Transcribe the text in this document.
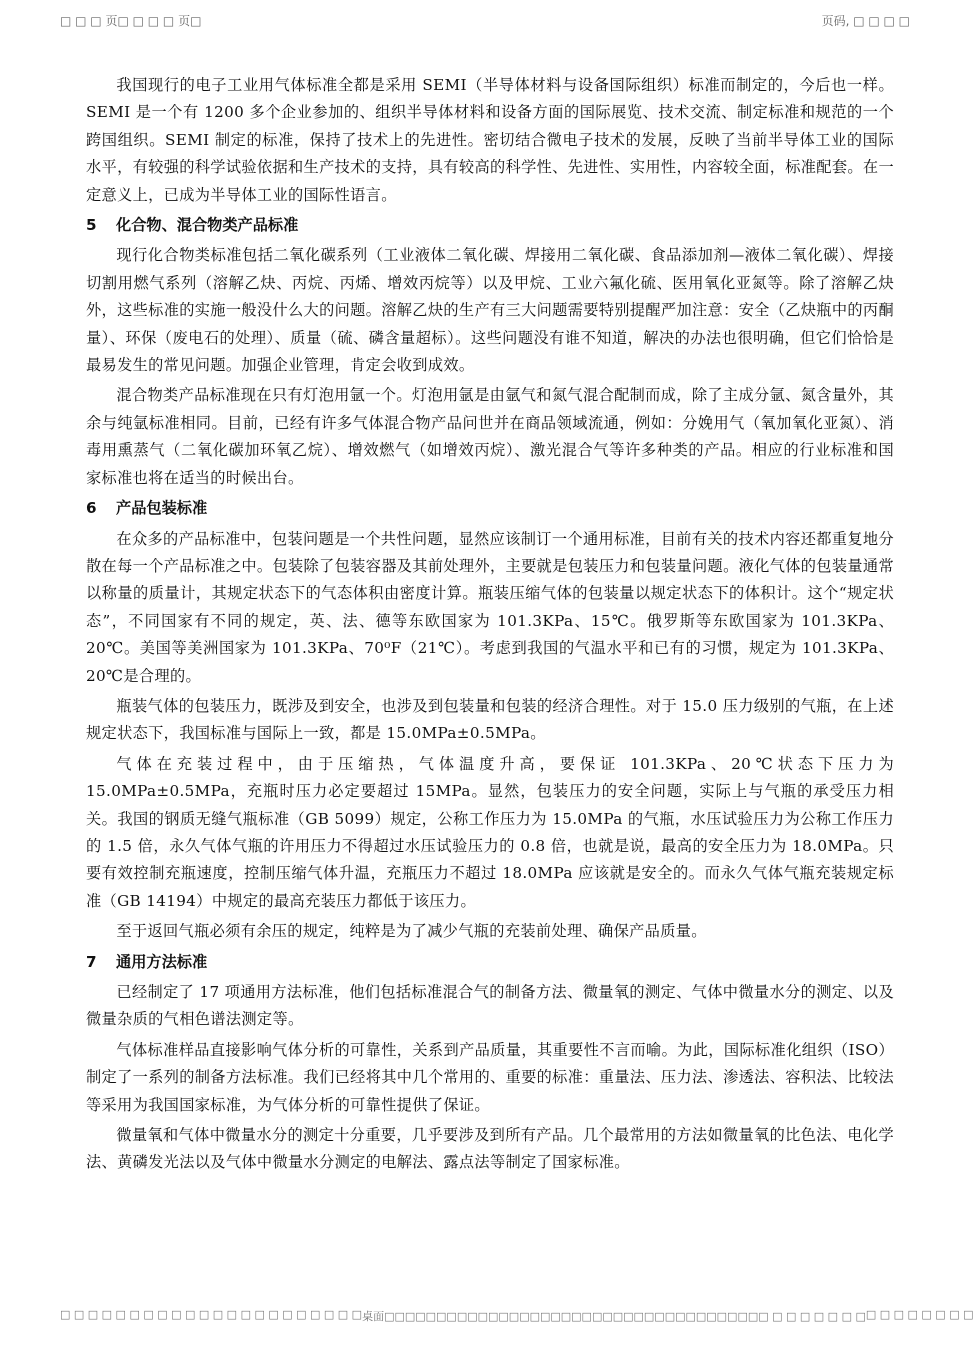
□ □ □ 页□ □ □ □ 页□	页码, □ □ □ □

我国现行的电子工业用气体标准全都是采用 SEMI（半导体材料与设备国际组织）标准而制定的，今后也一样。SEMI 是一个有 1200 多个企业参加的、组织半导体材料和设备方面的国际展览、技术交流、制定标准和规范的一个跨国组织。SEMI 制定的标准，保持了技术上的先进性。密切结合微电子技术的发展，反映了当前半导体工业的国际水平，有较强的科学试验依据和生产技术的支持，具有较高的科学性、先进性、实用性，内容较全面，标准配套。在一定意义上，已成为半导体工业的国际性语言。

5 化合物、混合物类产品标准

现行化合物类标准包括二氧化碳系列（工业液体二氧化碳、焊接用二氧化碳、食品添加剂—液体二氧化碳）、焊接切割用燃气系列（溶解乙炔、丙烷、丙烯、增效丙烷等）以及甲烷、工业六氟化硫、医用氧化亚氮等。除了溶解乙炔外，这些标准的实施一般没什么大的问题。溶解乙炔的生产有三大问题需要特别提醒严加注意：安全（乙炔瓶中的丙酮量）、环保（废电石的处理）、质量（硫、磷含量超标）。这些问题没有谁不知道，解决的办法也很明确，但它们恰恰是最易发生的常见问题。加强企业管理，肯定会收到成效。

混合物类产品标准现在只有灯泡用氩一个。灯泡用氩是由氩气和氮气混合配制而成，除了主成分氩、氮含量外，其余与纯氩标准相同。目前，已经有许多气体混合物产品问世并在商品领域流通，例如：分娩用气（氧加氧化亚氮）、消毒用熏蒸气（二氧化碳加环氧乙烷）、增效燃气（如增效丙烷）、激光混合气等许多种类的产品。相应的行业标准和国家标准也将在适当的时候出台。

6 产品包装标准

在众多的产品标准中，包装问题是一个共性问题，显然应该制订一个通用标准，目前有关的技术内容还都重复地分散在每一个产品标准之中。包装除了包装容器及其前处理外，主要就是包装压力和包装量问题。液化气体的包装量通常以称量的质量计，其规定状态下的气态体积由密度计算。瓶装压缩气体的包装量以规定状态下的体积计。这个“规定状态”，不同国家有不同的规定，英、法、德等东欧国家为 101.3KPa、15℃。俄罗斯等东欧国家为 101.3KPa、20℃。美国等美洲国家为 101.3KPa、70⁰F（21℃）。考虑到我国的气温水平和已有的习惯，规定为 101.3KPa、20℃是合理的。

瓶装气体的包装压力，既涉及到安全，也涉及到包装量和包装的经济合理性。对于 15.0 压力级别的气瓶，在上述规定状态下，我国标准与国际上一致，都是 15.0MPa±0.5MPa。

气体在充装过程中，由于压缩热，气体温度升高，要保证 101.3KPa、20℃状态下压力为 15.0MPa±0.5MPa，充瓶时压力必定要超过 15MPa。显然，包装压力的安全问题，实际上与气瓶的承受压力相关。我国的钢质无缝气瓶标准（GB 5099）规定，公称工作压力为 15.0MPa 的气瓶，水压试验压力为公称工作压力的 1.5 倍，永久气体气瓶的许用压力不得超过水压试验压力的 0.8 倍，也就是说，最高的安全压力为 18.0MPa。只要有效控制充瓶速度，控制压缩气体升温，充瓶压力不超过 18.0MPa 应该就是安全的。而永久气体气瓶充装规定标准（GB 14194）中规定的最高充装压力都低于该压力。

至于返回气瓶必须有余压的规定，纯粹是为了减少气瓶的充装前处理、确保产品质量。

7 通用方法标准

已经制定了 17 项通用方法标准，他们包括标准混合气的制备方法、微量氧的测定、气体中微量水分的测定、以及微量杂质的气相色谱法测定等。

气体标准样品直接影响气体分析的可靠性，关系到产品质量，其重要性不言而喻。为此，国际标准化组织（ISO）制定了一系列的制备方法标准。我们已经将其中几个常用的、重要的标准：重量法、压力法、渗透法、容积法、比较法等采用为我国国家标准，为气体分析的可靠性提供了保证。

微量氧和气体中微量水分的测定十分重要，几乎要涉及到所有产品。几个最常用的方法如微量氧的比色法、电化学法、黄磷发光法以及气体中微量水分测定的电解法、露点法等制定了国家标准。

□ □ □ □ □ □ □ □ □ □ □ □ □ □ □ □ □ □ □ □ □ □ 桌面□□□□□□□□□□□□□□□□□□□□□□□□□□□□□□□□□□□□□ □ □ □ □ □ □ □ □ □ □ □ □ □ □ □
